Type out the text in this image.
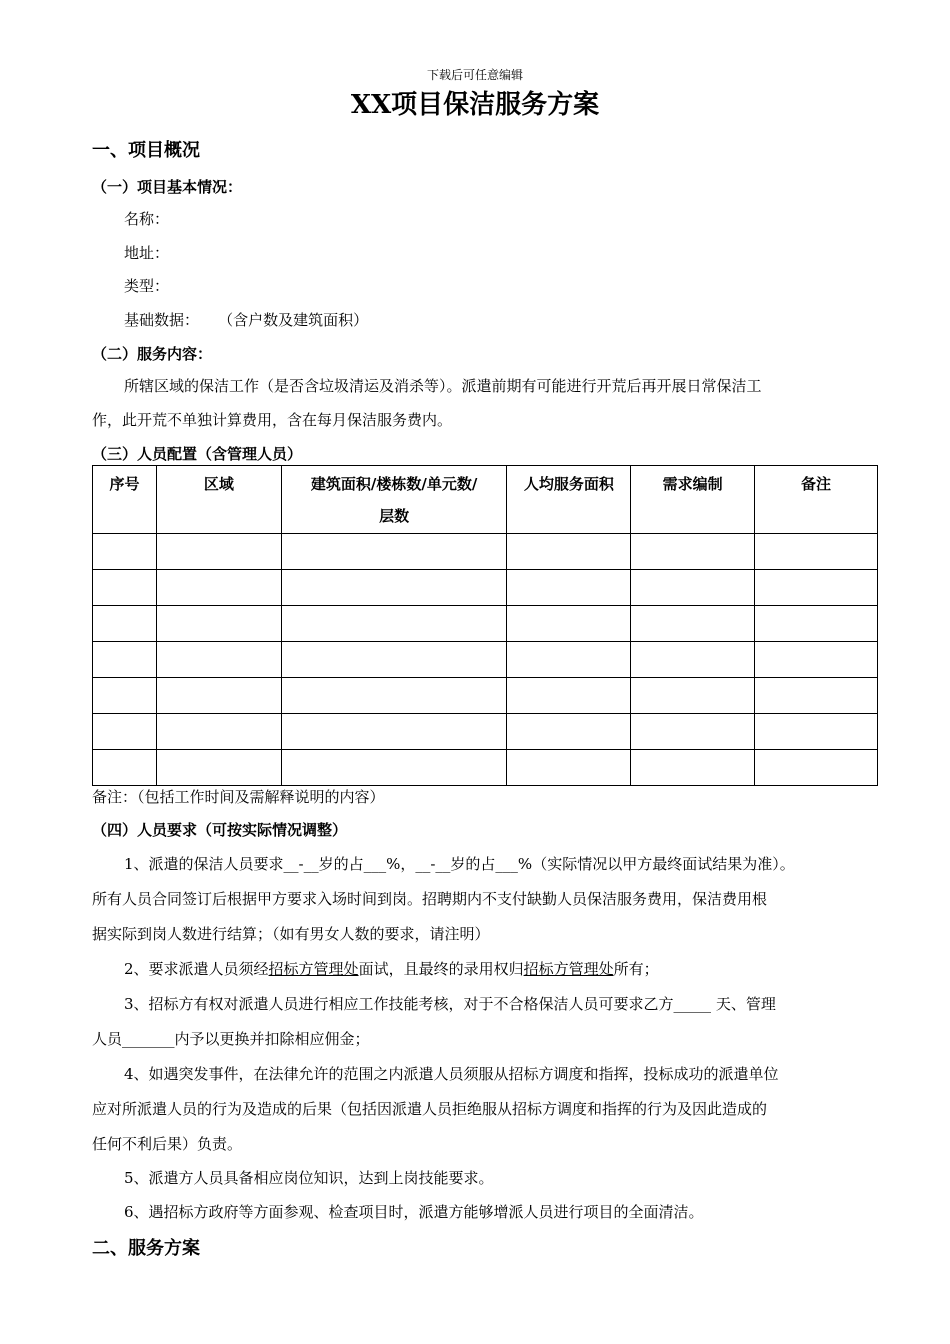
下载后可任意编辑
XX项目保洁服务方案
一、项目概况
（一）项目基本情况：
名称：
地址：
类型：
基础数据： （含户数及建筑面积）
（二）服务内容：
所辖区域的保洁工作（是否含垃圾清运及消杀等）。派遣前期有可能进行开荒后再开展日常保洁工
作，此开荒不单独计算费用，含在每月保洁服务费内。
（三）人员配置（含管理人员）
序号	区域	建筑面积/楼栋数/单元数/
层数	人均服务面积	需求编制	备注

备注：（包括工作时间及需解释说明的内容）
（四）人员要求（可按实际情况调整）
1、派遣的保洁人员要求__-__岁的占___%，__-__岁的占___%（实际情况以甲方最终面试结果为准）。
所有人员合同签订后根据甲方要求入场时间到岗。招聘期内不支付缺勤人员保洁服务费用，保洁费用根
据实际到岗人数进行结算；（如有男女人数的要求，请注明）
2、要求派遣人员须经招标方管理处面试，且最终的录用权归招标方管理处所有；
3、招标方有权对派遣人员进行相应工作技能考核，对于不合格保洁人员可要求乙方_____ 天、管理
人员_______内予以更换并扣除相应佣金；
4、如遇突发事件，在法律允许的范围之内派遣人员须服从招标方调度和指挥，投标成功的派遣单位
应对所派遣人员的行为及造成的后果（包括因派遣人员拒绝服从招标方调度和指挥的行为及因此造成的
任何不利后果）负责。
5、派遣方人员具备相应岗位知识，达到上岗技能要求。
6、遇招标方政府等方面参观、检查项目时，派遣方能够增派人员进行项目的全面清洁。
二、服务方案
